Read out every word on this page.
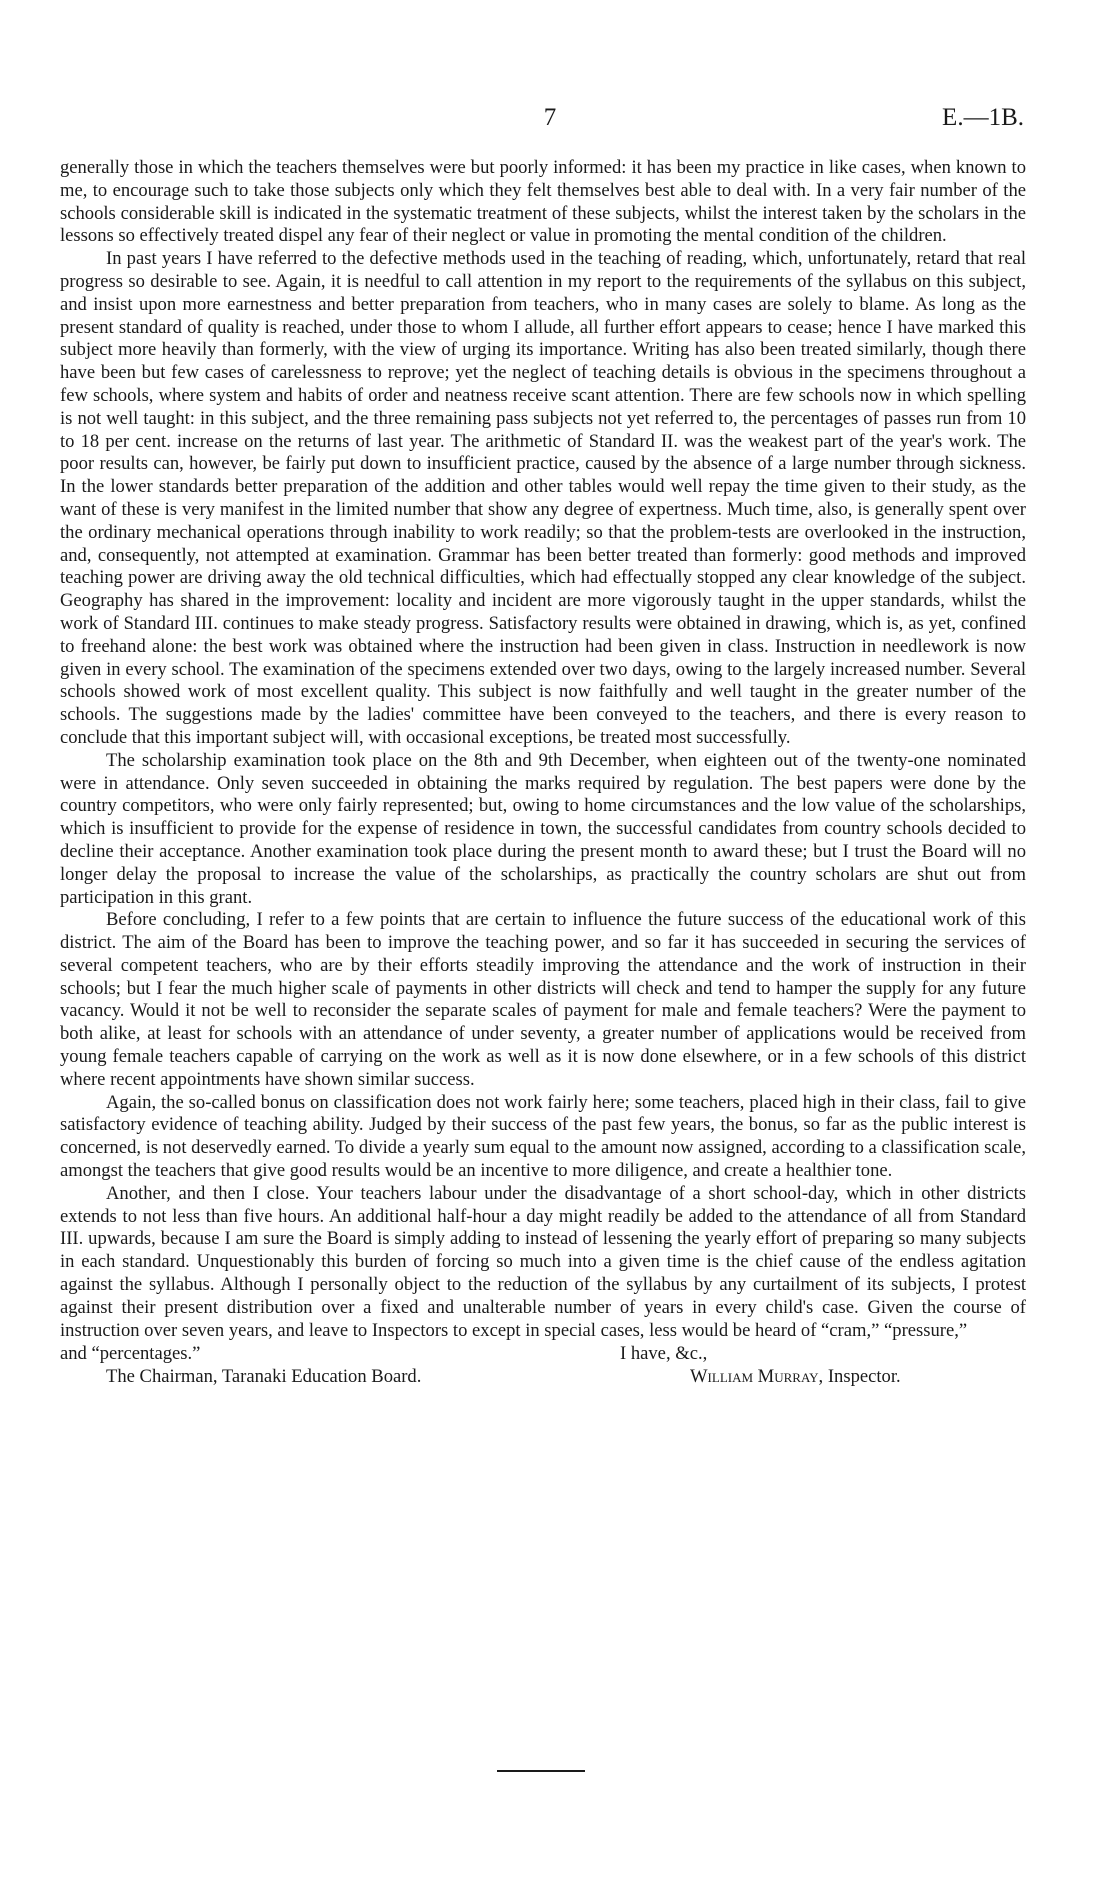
7	E.—1B.

generally those in which the teachers themselves were but poorly informed: it has been my practice in like cases, when known to me, to encourage such to take those subjects only which they felt themselves best able to deal with. In a very fair number of the schools considerable skill is indicated in the systematic treatment of these subjects, whilst the interest taken by the scholars in the lessons so effectively treated dispel any fear of their neglect or value in promoting the mental condition of the children.

In past years I have referred to the defective methods used in the teaching of reading, which, unfortunately, retard that real progress so desirable to see. Again, it is needful to call attention in my report to the requirements of the syllabus on this subject, and insist upon more earnestness and better preparation from teachers, who in many cases are solely to blame. As long as the present standard of quality is reached, under those to whom I allude, all further effort appears to cease; hence I have marked this subject more heavily than formerly, with the view of urging its importance. Writing has also been treated similarly, though there have been but few cases of carelessness to reprove; yet the neglect of teaching details is obvious in the specimens throughout a few schools, where system and habits of order and neatness receive scant attention. There are few schools now in which spelling is not well taught: in this subject, and the three remaining pass subjects not yet referred to, the percentages of passes run from 10 to 18 per cent. increase on the returns of last year. The arithmetic of Standard II. was the weakest part of the year's work. The poor results can, however, be fairly put down to insufficient practice, caused by the absence of a large number through sickness. In the lower standards better preparation of the addition and other tables would well repay the time given to their study, as the want of these is very manifest in the limited number that show any degree of expertness. Much time, also, is generally spent over the ordinary mechanical operations through inability to work readily; so that the problem-tests are overlooked in the instruction, and, consequently, not attempted at examination. Grammar has been better treated than formerly: good methods and improved teaching power are driving away the old technical difficulties, which had effectually stopped any clear knowledge of the subject. Geography has shared in the improvement: locality and incident are more vigorously taught in the upper standards, whilst the work of Standard III. continues to make steady progress. Satisfactory results were obtained in drawing, which is, as yet, confined to freehand alone: the best work was obtained where the instruction had been given in class. Instruction in needlework is now given in every school. The examination of the specimens extended over two days, owing to the largely increased number. Several schools showed work of most excellent quality. This subject is now faithfully and well taught in the greater number of the schools. The suggestions made by the ladies' committee have been conveyed to the teachers, and there is every reason to conclude that this important subject will, with occasional exceptions, be treated most successfully.

The scholarship examination took place on the 8th and 9th December, when eighteen out of the twenty-one nominated were in attendance. Only seven succeeded in obtaining the marks required by regulation. The best papers were done by the country competitors, who were only fairly represented; but, owing to home circumstances and the low value of the scholarships, which is insufficient to provide for the expense of residence in town, the successful candidates from country schools decided to decline their acceptance. Another examination took place during the present month to award these; but I trust the Board will no longer delay the proposal to increase the value of the scholarships, as practically the country scholars are shut out from participation in this grant.

Before concluding, I refer to a few points that are certain to influence the future success of the educational work of this district. The aim of the Board has been to improve the teaching power, and so far it has succeeded in securing the services of several competent teachers, who are by their efforts steadily improving the attendance and the work of instruction in their schools; but I fear the much higher scale of payments in other districts will check and tend to hamper the supply for any future vacancy. Would it not be well to reconsider the separate scales of payment for male and female teachers? Were the payment to both alike, at least for schools with an attendance of under seventy, a greater number of applications would be received from young female teachers capable of carrying on the work as well as it is now done elsewhere, or in a few schools of this district where recent appointments have shown similar success.

Again, the so-called bonus on classification does not work fairly here; some teachers, placed high in their class, fail to give satisfactory evidence of teaching ability. Judged by their success of the past few years, the bonus, so far as the public interest is concerned, is not deservedly earned. To divide a yearly sum equal to the amount now assigned, according to a classification scale, amongst the teachers that give good results would be an incentive to more diligence, and create a healthier tone.

Another, and then I close. Your teachers labour under the disadvantage of a short school-day, which in other districts extends to not less than five hours. An additional half-hour a day might readily be added to the attendance of all from Standard III. upwards, because I am sure the Board is simply adding to instead of lessening the yearly effort of preparing so many subjects in each standard. Unquestionably this burden of forcing so much into a given time is the chief cause of the endless agitation against the syllabus. Although I personally object to the reduction of the syllabus by any curtailment of its subjects, I protest against their present distribution over a fixed and unalterable number of years in every child's case. Given the course of instruction over seven years, and leave to Inspectors to except in special cases, less would be heard of “cram,” “pressure,”

and “percentages.”	I have, &c.,
The Chairman, Taranaki Education Board.	William Murray, Inspector.
